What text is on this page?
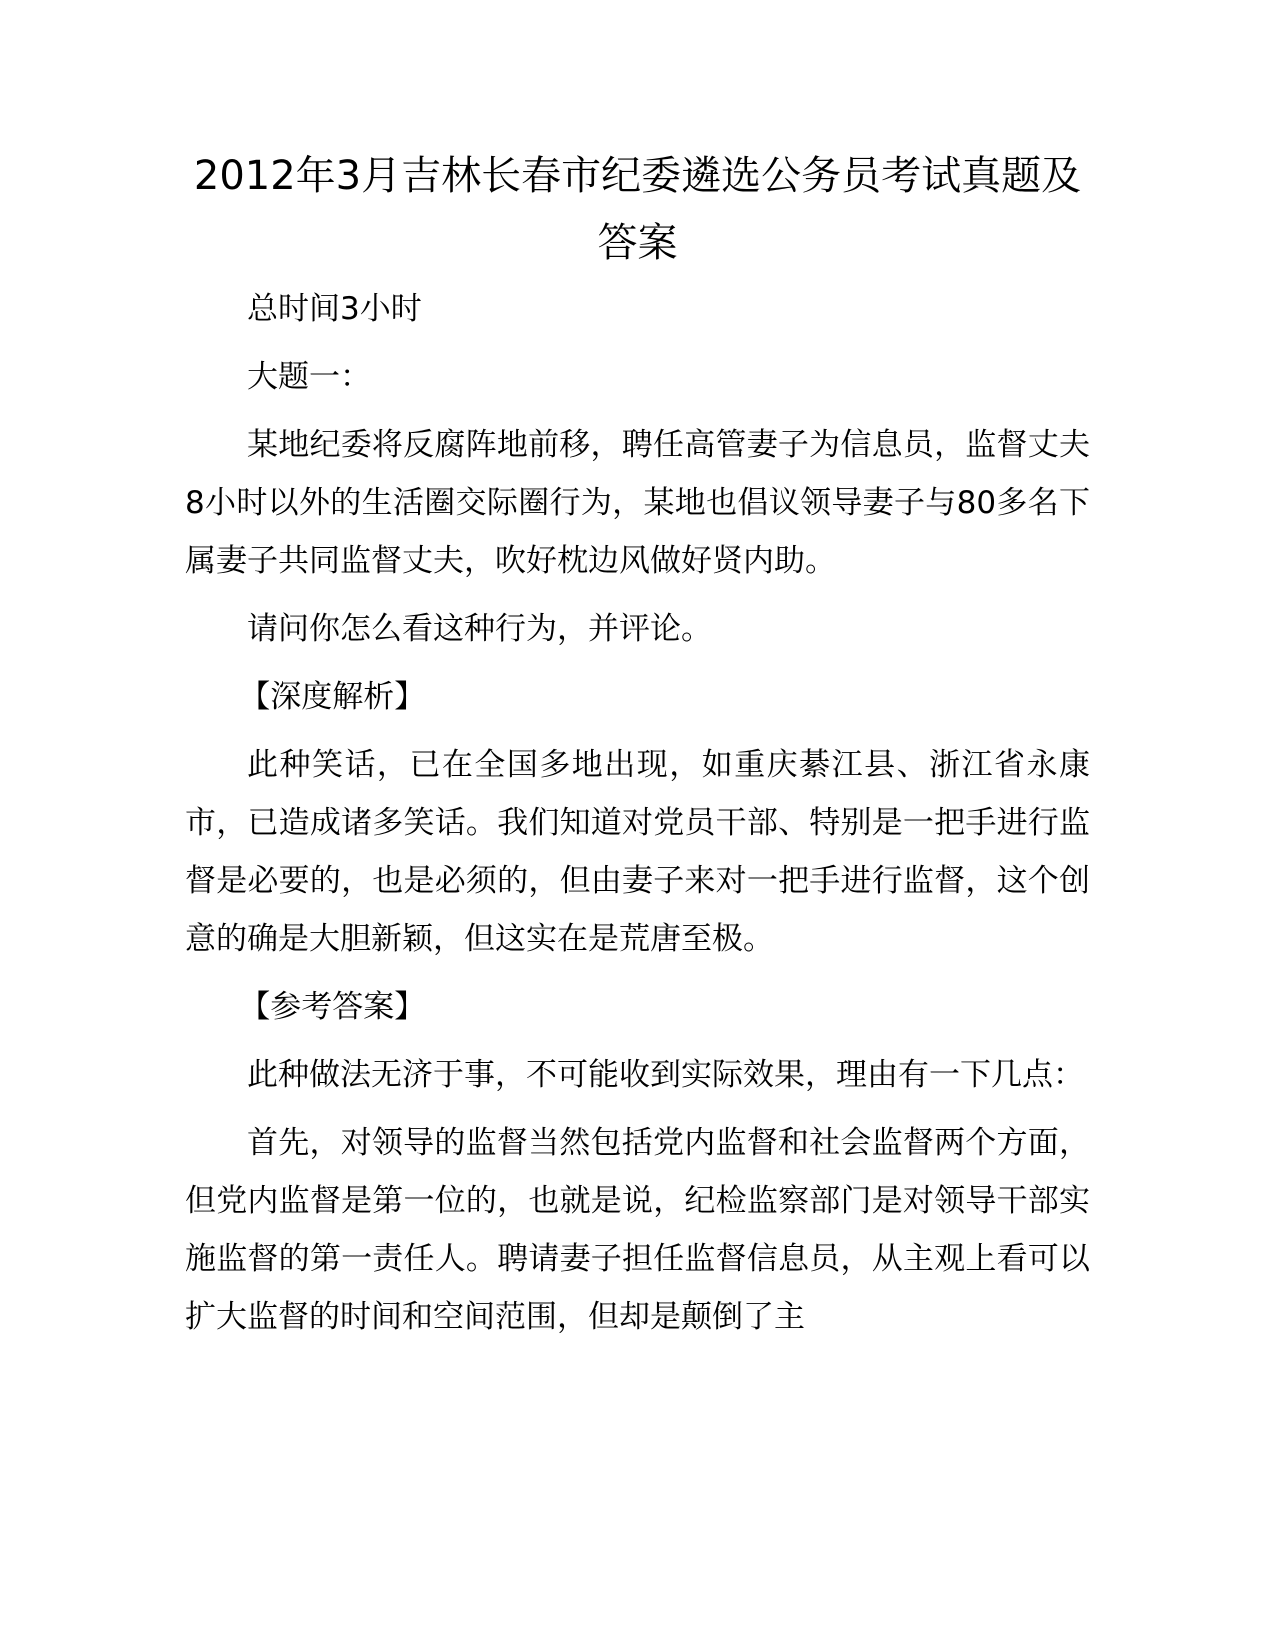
2012年3月吉林长春市纪委遴选公务员考试真题及答案

总时间3小时

大题一：

某地纪委将反腐阵地前移，聘任高管妻子为信息员，监督丈夫8小时以外的生活圈交际圈行为，某地也倡议领导妻子与80多名下属妻子共同监督丈夫，吹好枕边风做好贤内助。

请问你怎么看这种行为，并评论。

【深度解析】

此种笑话，已在全国多地出现，如重庆綦江县、浙江省永康市，已造成诸多笑话。我们知道对党员干部、特别是一把手进行监督是必要的，也是必须的，但由妻子来对一把手进行监督，这个创意的确是大胆新颖，但这实在是荒唐至极。

【参考答案】

此种做法无济于事，不可能收到实际效果，理由有一下几点：

首先，对领导的监督当然包括党内监督和社会监督两个方面，但党内监督是第一位的，也就是说，纪检监察部门是对领导干部实施监督的第一责任人。聘请妻子担任监督信息员，从主观上看可以扩大监督的时间和空间范围，但却是颠倒了主
